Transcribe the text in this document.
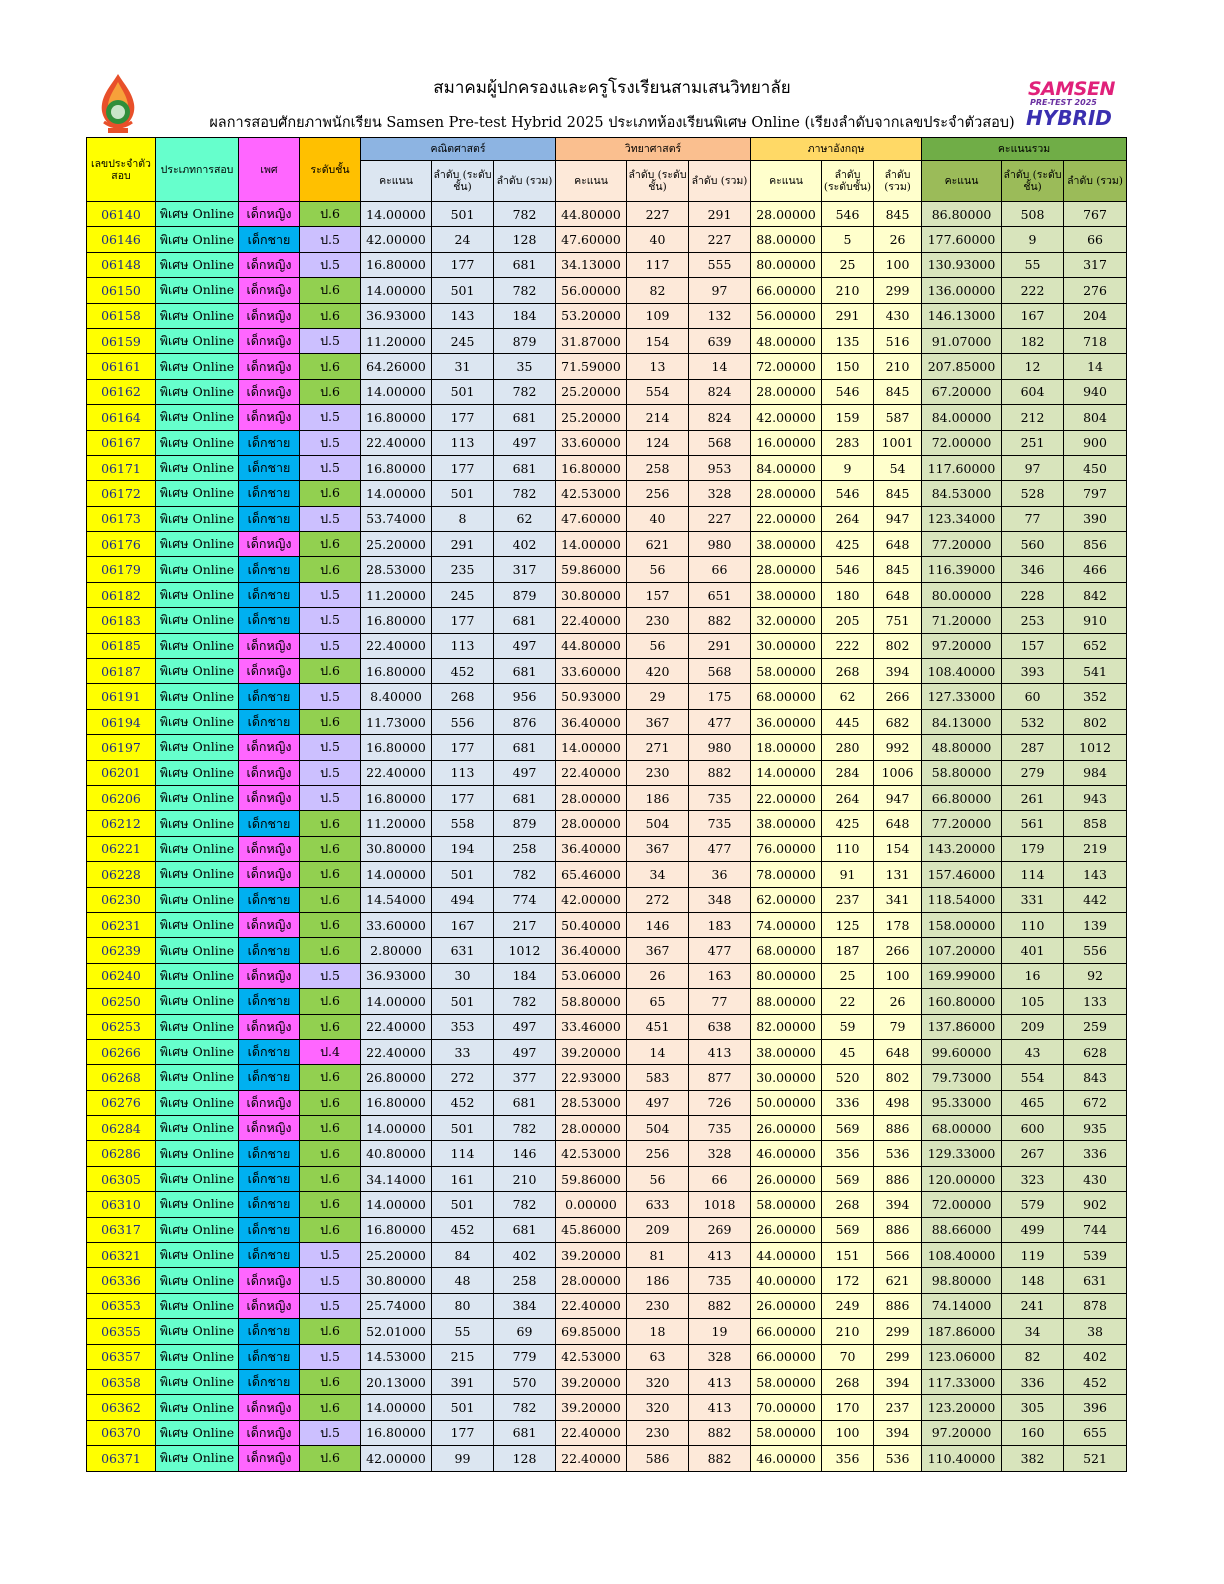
สมาคมผู้ปกครองและครูโรงเรียนสามเสนวิทยาลัย
ผลการสอบศักยภาพนักเรียน Samsen Pre-test Hybrid 2025 ประเภทห้องเรียนพิเศษ Online (เรียงลำดับจากเลขประจำตัวสอบ)
SAMSEN
PRE-TEST 2025
HYBRID
เลขประจำตัวสอบ	ประเภทการสอบ	เพศ	ระดับชั้น	คณิตศาสตร์			วิทยาศาสตร์			ภาษาอังกฤษ			คะแนนรวม		
				คะแนน	ลำดับ (ระดับชั้น)	ลำดับ (รวม)	คะแนน	ลำดับ (ระดับชั้น)	ลำดับ (รวม)	คะแนน	ลำดับ (ระดับชั้น)	ลำดับ (รวม)	คะแนน	ลำดับ (ระดับชั้น)	ลำดับ (รวม)
06140	พิเศษ Online	เด็กหญิง	ป.6	14.00000	501	782	44.80000	227	291	28.00000	546	845	86.80000	508	767
06146	พิเศษ Online	เด็กชาย	ป.5	42.00000	24	128	47.60000	40	227	88.00000	5	26	177.60000	9	66
06148	พิเศษ Online	เด็กหญิง	ป.5	16.80000	177	681	34.13000	117	555	80.00000	25	100	130.93000	55	317
06150	พิเศษ Online	เด็กหญิง	ป.6	14.00000	501	782	56.00000	82	97	66.00000	210	299	136.00000	222	276
06158	พิเศษ Online	เด็กหญิง	ป.6	36.93000	143	184	53.20000	109	132	56.00000	291	430	146.13000	167	204
06159	พิเศษ Online	เด็กหญิง	ป.5	11.20000	245	879	31.87000	154	639	48.00000	135	516	91.07000	182	718
06161	พิเศษ Online	เด็กหญิง	ป.6	64.26000	31	35	71.59000	13	14	72.00000	150	210	207.85000	12	14
06162	พิเศษ Online	เด็กหญิง	ป.6	14.00000	501	782	25.20000	554	824	28.00000	546	845	67.20000	604	940
06164	พิเศษ Online	เด็กหญิง	ป.5	16.80000	177	681	25.20000	214	824	42.00000	159	587	84.00000	212	804
06167	พิเศษ Online	เด็กชาย	ป.5	22.40000	113	497	33.60000	124	568	16.00000	283	1001	72.00000	251	900
06171	พิเศษ Online	เด็กชาย	ป.5	16.80000	177	681	16.80000	258	953	84.00000	9	54	117.60000	97	450
06172	พิเศษ Online	เด็กชาย	ป.6	14.00000	501	782	42.53000	256	328	28.00000	546	845	84.53000	528	797
06173	พิเศษ Online	เด็กชาย	ป.5	53.74000	8	62	47.60000	40	227	22.00000	264	947	123.34000	77	390
06176	พิเศษ Online	เด็กหญิง	ป.6	25.20000	291	402	14.00000	621	980	38.00000	425	648	77.20000	560	856
06179	พิเศษ Online	เด็กชาย	ป.6	28.53000	235	317	59.86000	56	66	28.00000	546	845	116.39000	346	466
06182	พิเศษ Online	เด็กชาย	ป.5	11.20000	245	879	30.80000	157	651	38.00000	180	648	80.00000	228	842
06183	พิเศษ Online	เด็กชาย	ป.5	16.80000	177	681	22.40000	230	882	32.00000	205	751	71.20000	253	910
06185	พิเศษ Online	เด็กหญิง	ป.5	22.40000	113	497	44.80000	56	291	30.00000	222	802	97.20000	157	652
06187	พิเศษ Online	เด็กหญิง	ป.6	16.80000	452	681	33.60000	420	568	58.00000	268	394	108.40000	393	541
06191	พิเศษ Online	เด็กชาย	ป.5	8.40000	268	956	50.93000	29	175	68.00000	62	266	127.33000	60	352
06194	พิเศษ Online	เด็กชาย	ป.6	11.73000	556	876	36.40000	367	477	36.00000	445	682	84.13000	532	802
06197	พิเศษ Online	เด็กหญิง	ป.5	16.80000	177	681	14.00000	271	980	18.00000	280	992	48.80000	287	1012
06201	พิเศษ Online	เด็กหญิง	ป.5	22.40000	113	497	22.40000	230	882	14.00000	284	1006	58.80000	279	984
06206	พิเศษ Online	เด็กหญิง	ป.5	16.80000	177	681	28.00000	186	735	22.00000	264	947	66.80000	261	943
06212	พิเศษ Online	เด็กชาย	ป.6	11.20000	558	879	28.00000	504	735	38.00000	425	648	77.20000	561	858
06221	พิเศษ Online	เด็กหญิง	ป.6	30.80000	194	258	36.40000	367	477	76.00000	110	154	143.20000	179	219
06228	พิเศษ Online	เด็กหญิง	ป.6	14.00000	501	782	65.46000	34	36	78.00000	91	131	157.46000	114	143
06230	พิเศษ Online	เด็กชาย	ป.6	14.54000	494	774	42.00000	272	348	62.00000	237	341	118.54000	331	442
06231	พิเศษ Online	เด็กหญิง	ป.6	33.60000	167	217	50.40000	146	183	74.00000	125	178	158.00000	110	139
06239	พิเศษ Online	เด็กชาย	ป.6	2.80000	631	1012	36.40000	367	477	68.00000	187	266	107.20000	401	556
06240	พิเศษ Online	เด็กหญิง	ป.5	36.93000	30	184	53.06000	26	163	80.00000	25	100	169.99000	16	92
06250	พิเศษ Online	เด็กชาย	ป.6	14.00000	501	782	58.80000	65	77	88.00000	22	26	160.80000	105	133
06253	พิเศษ Online	เด็กหญิง	ป.6	22.40000	353	497	33.46000	451	638	82.00000	59	79	137.86000	209	259
06266	พิเศษ Online	เด็กชาย	ป.4	22.40000	33	497	39.20000	14	413	38.00000	45	648	99.60000	43	628
06268	พิเศษ Online	เด็กชาย	ป.6	26.80000	272	377	22.93000	583	877	30.00000	520	802	79.73000	554	843
06276	พิเศษ Online	เด็กหญิง	ป.6	16.80000	452	681	28.53000	497	726	50.00000	336	498	95.33000	465	672
06284	พิเศษ Online	เด็กหญิง	ป.6	14.00000	501	782	28.00000	504	735	26.00000	569	886	68.00000	600	935
06286	พิเศษ Online	เด็กชาย	ป.6	40.80000	114	146	42.53000	256	328	46.00000	356	536	129.33000	267	336
06305	พิเศษ Online	เด็กชาย	ป.6	34.14000	161	210	59.86000	56	66	26.00000	569	886	120.00000	323	430
06310	พิเศษ Online	เด็กชาย	ป.6	14.00000	501	782	0.00000	633	1018	58.00000	268	394	72.00000	579	902
06317	พิเศษ Online	เด็กชาย	ป.6	16.80000	452	681	45.86000	209	269	26.00000	569	886	88.66000	499	744
06321	พิเศษ Online	เด็กชาย	ป.5	25.20000	84	402	39.20000	81	413	44.00000	151	566	108.40000	119	539
06336	พิเศษ Online	เด็กหญิง	ป.5	30.80000	48	258	28.00000	186	735	40.00000	172	621	98.80000	148	631
06353	พิเศษ Online	เด็กหญิง	ป.5	25.74000	80	384	22.40000	230	882	26.00000	249	886	74.14000	241	878
06355	พิเศษ Online	เด็กชาย	ป.6	52.01000	55	69	69.85000	18	19	66.00000	210	299	187.86000	34	38
06357	พิเศษ Online	เด็กชาย	ป.5	14.53000	215	779	42.53000	63	328	66.00000	70	299	123.06000	82	402
06358	พิเศษ Online	เด็กชาย	ป.6	20.13000	391	570	39.20000	320	413	58.00000	268	394	117.33000	336	452
06362	พิเศษ Online	เด็กหญิง	ป.6	14.00000	501	782	39.20000	320	413	70.00000	170	237	123.20000	305	396
06370	พิเศษ Online	เด็กหญิง	ป.5	16.80000	177	681	22.40000	230	882	58.00000	100	394	97.20000	160	655
06371	พิเศษ Online	เด็กหญิง	ป.6	42.00000	99	128	22.40000	586	882	46.00000	356	536	110.40000	382	521
